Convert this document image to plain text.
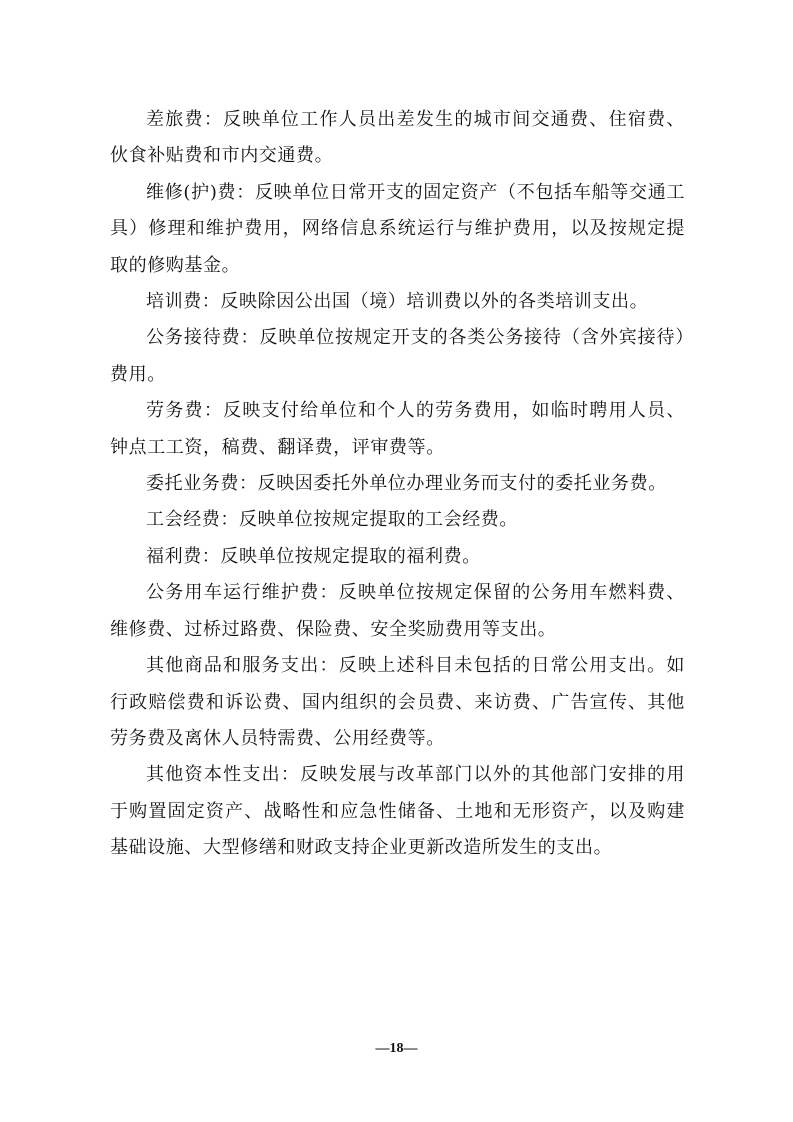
差旅费：反映单位工作人员出差发生的城市间交通费、住宿费、伙食补贴费和市内交通费。

维修(护)费：反映单位日常开支的固定资产（不包括车船等交通工具）修理和维护费用，网络信息系统运行与维护费用，以及按规定提取的修购基金。

培训费：反映除因公出国（境）培训费以外的各类培训支出。

公务接待费：反映单位按规定开支的各类公务接待（含外宾接待）费用。

劳务费：反映支付给单位和个人的劳务费用，如临时聘用人员、钟点工工资，稿费、翻译费，评审费等。

委托业务费：反映因委托外单位办理业务而支付的委托业务费。

工会经费：反映单位按规定提取的工会经费。

福利费：反映单位按规定提取的福利费。

公务用车运行维护费：反映单位按规定保留的公务用车燃料费、维修费、过桥过路费、保险费、安全奖励费用等支出。

其他商品和服务支出：反映上述科目未包括的日常公用支出。如行政赔偿费和诉讼费、国内组织的会员费、来访费、广告宣传、其他劳务费及离休人员特需费、公用经费等。

其他资本性支出：反映发展与改革部门以外的其他部门安排的用于购置固定资产、战略性和应急性储备、土地和无形资产，以及购建基础设施、大型修缮和财政支持企业更新改造所发生的支出。

—18—
